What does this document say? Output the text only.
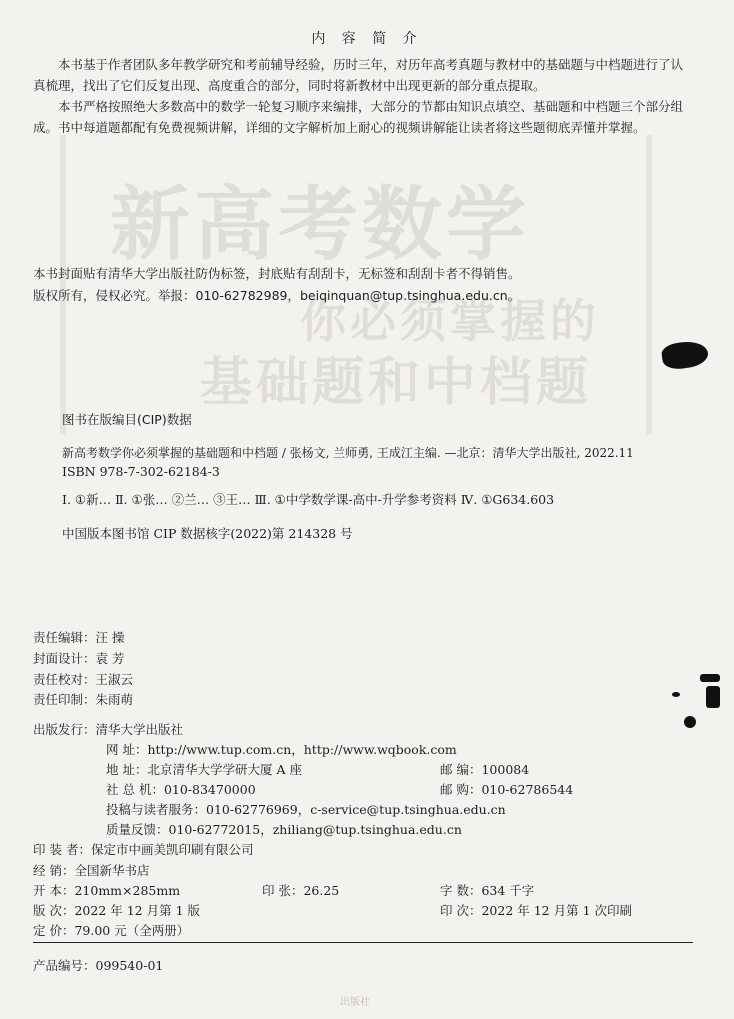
新高考数学
你必须掌握的
基础题和中档题
内 容 简 介
本书基于作者团队多年教学研究和考前辅导经验，历时三年，对历年高考真题与教材中的基础题与中档题进行了认真梳理，找出了它们反复出现、高度重合的部分，同时将新教材中出现更新的部分重点提取。
本书严格按照绝大多数高中的数学一轮复习顺序来编排，大部分的节都由知识点填空、基础题和中档题三个部分组成。书中每道题都配有免费视频讲解，详细的文字解析加上耐心的视频讲解能让读者将这些题彻底弄懂并掌握。
本书封面贴有清华大学出版社防伪标签，封底贴有刮刮卡，无标签和刮刮卡者不得销售。
版权所有，侵权必究。举报：010-62782989，beiqinquan@tup.tsinghua.edu.cn。
图书在版编目(CIP)数据
新高考数学你必须掌握的基础题和中档题 / 张杨文, 兰师勇, 王成江主编. —北京：清华大学出版社, 2022.11
ISBN 978-7-302-62184-3
Ⅰ. ①新… Ⅱ. ①张… ②兰… ③王… Ⅲ. ①中学数学课-高中-升学参考资料 Ⅳ. ①G634.603
中国版本图书馆 CIP 数据核字(2022)第 214328 号
责任编辑：汪 操
封面设计：袁 芳
责任校对：王淑云
责任印制：朱雨萌
出版发行：清华大学出版社
网 址：http://www.tup.com.cn，http://www.wqbook.com
地 址：北京清华大学学研大厦 A 座	邮 编：100084
社 总 机：010-83470000	邮 购：010-62786544
投稿与读者服务：010-62776969，c-service@tup.tsinghua.edu.cn
质量反馈：010-62772015，zhiliang@tup.tsinghua.edu.cn
印 装 者：保定市中画美凯印刷有限公司
经 销：全国新华书店
开 本：210mm×285mm	印 张：26.25	字 数：634 千字
版 次：2022 年 12 月第 1 版	印 次：2022 年 12 月第 1 次印刷
定 价：79.00 元（全两册）
产品编号：099540-01
出版社
